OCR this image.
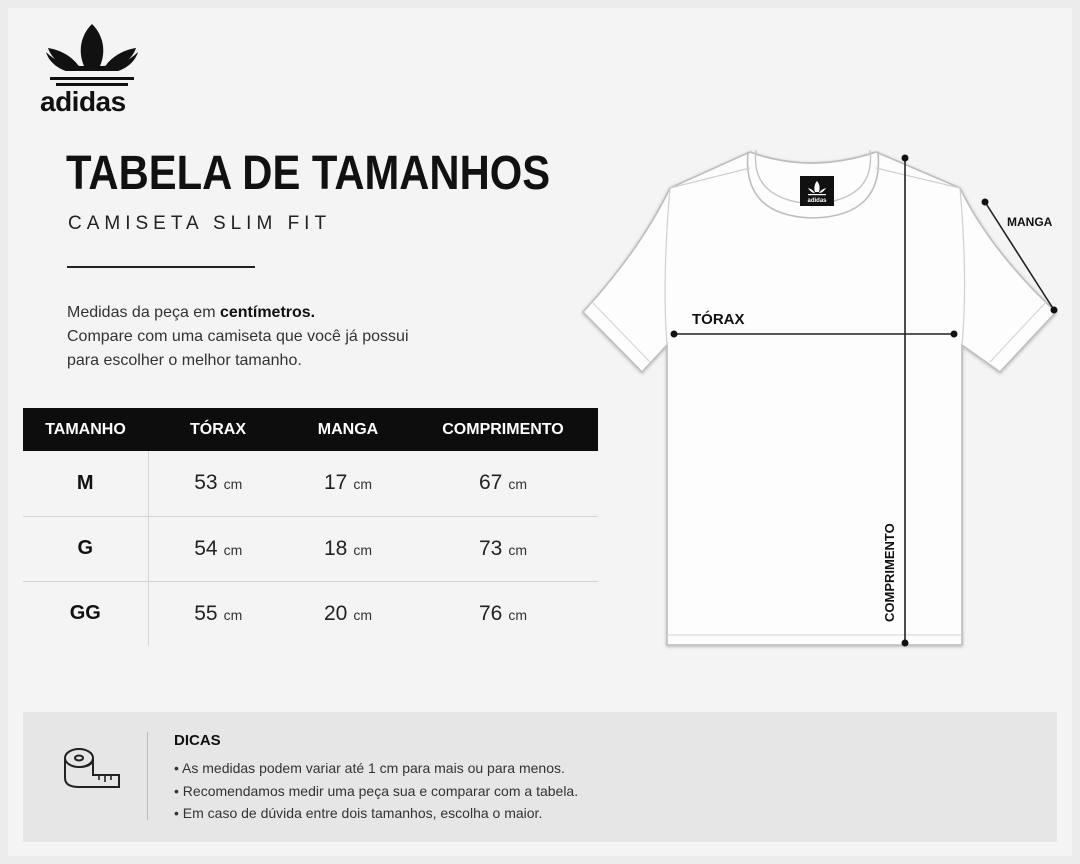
adidas
TABELA DE TAMANHOS
CAMISETA SLIM FIT
Medidas da peça em centímetros.
Compare com uma camiseta que você já possui
para escolher o melhor tamanho.
TAMANHO	TÓRAX	MANGA	COMPRIMENTO
M	53 cm	17 cm	67 cm
G	54 cm	18 cm	73 cm
GG	55 cm	20 cm	76 cm
adidas
TÓRAX
MANGA
COMPRIMENTO
DICAS
• As medidas podem variar até 1 cm para mais ou para menos.
• Recomendamos medir uma peça sua e comparar com a tabela.
• Em caso de dúvida entre dois tamanhos, escolha o maior.
